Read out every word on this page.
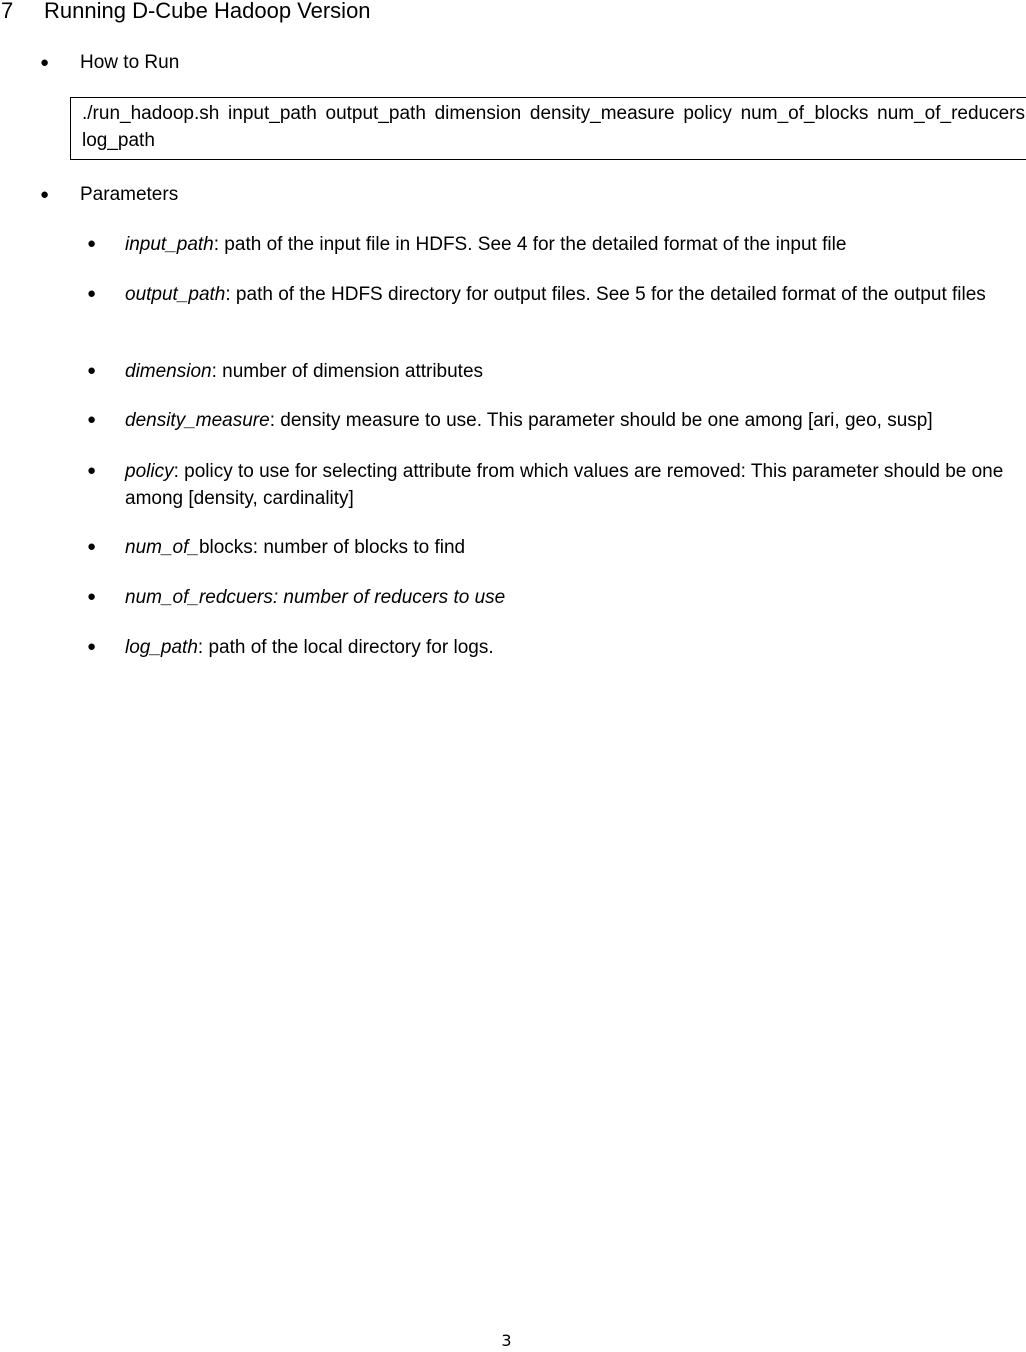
7 Running D-Cube Hadoop Version
● How to Run
./run_hadoop.sh input_path output_path dimension density_measure policy num_of_blocks num_of_reducers log_path
● Parameters
● input_path: path of the input file in HDFS. See 4 for the detailed format of the input file
● output_path: path of the HDFS directory for output files. See 5 for the detailed format of the output files
● dimension: number of dimension attributes
● density_measure: density measure to use. This parameter should be one among [ari, geo, susp]
● policy: policy to use for selecting attribute from which values are removed: This parameter should be one among [density, cardinality]
● num_of_blocks: number of blocks to find
● num_of_redcuers: number of reducers to use
● log_path: path of the local directory for logs.
3
